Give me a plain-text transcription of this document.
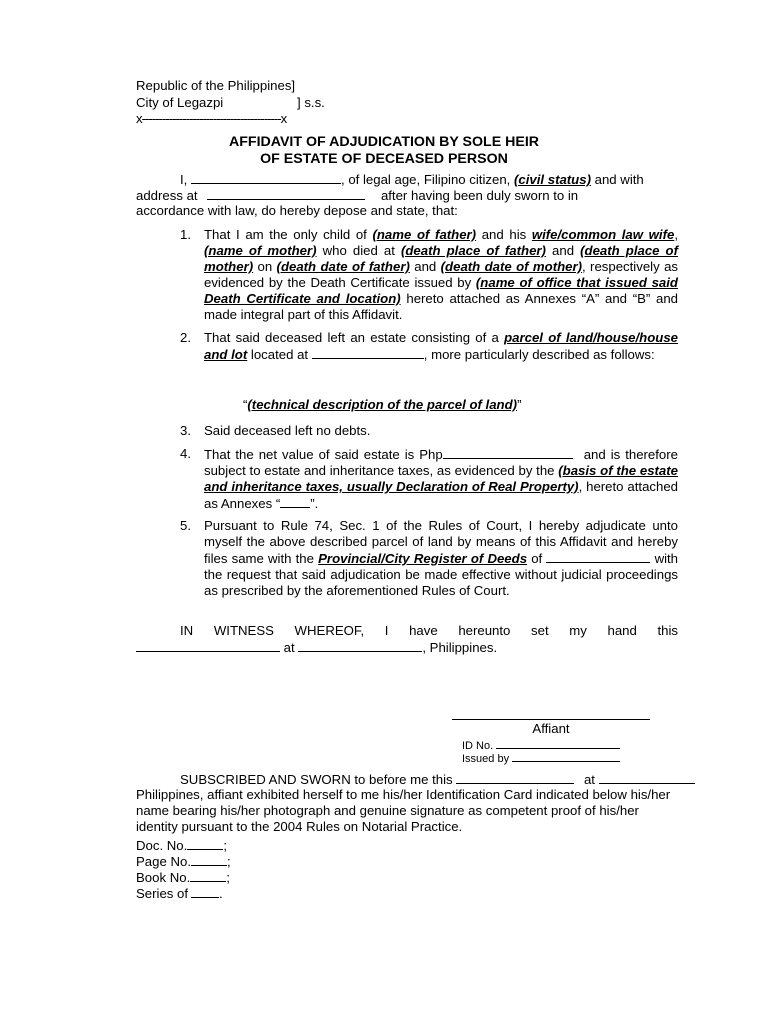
Republic of the Philippines]
City of Legazpi	] s.s.
x-----------------------------------------x
AFFIDAVIT OF ADJUDICATION BY SOLE HEIR
OF ESTATE OF DECEASED PERSON
I,	, of legal age, Filipino citizen, (civil status) and with
address at	after having been duly sworn to in
accordance with law, do hereby depose and state, that:
1. That I am the only child of (name of father) and his wife/common law wife, (name of mother) who died at (death place of father) and (death place of mother) on (death date of father) and (death date of mother), respectively as evidenced by the Death Certificate issued by (name of office that issued said Death Certificate and location) hereto attached as Annexes “A” and “B” and made integral part of this Affidavit.
2. That said deceased left an estate consisting of a parcel of land/house/house and lot located at	, more particularly described as follows:
“(technical description of the parcel of land)”
3. Said deceased left no debts.
4. That the net value of said estate is Php	and is therefore subject to estate and inheritance taxes, as evidenced by the (basis of the estate and inheritance taxes, usually Declaration of Real Property), hereto attached as Annexes “ ”.
5. Pursuant to Rule 74, Sec. 1 of the Rules of Court, I hereby adjudicate unto myself the above described parcel of land by means of this Affidavit and hereby files same with the Provincial/City Register of Deeds of	with the request that said adjudication be made effective without judicial proceedings as prescribed by the aforementioned Rules of Court.
IN WITNESS WHEREOF, I have hereunto set my hand this
at	, Philippines.
Affiant
ID No.
Issued by
SUBSCRIBED AND SWORN to before me this	at
Philippines, affiant exhibited herself to me his/her Identification Card indicated below his/her
name bearing his/her photograph and genuine signature as competent proof of his/her
identity pursuant to the 2004 Rules on Notarial Practice.
Doc. No.	;
Page No.	;
Book No.	;
Series of .
